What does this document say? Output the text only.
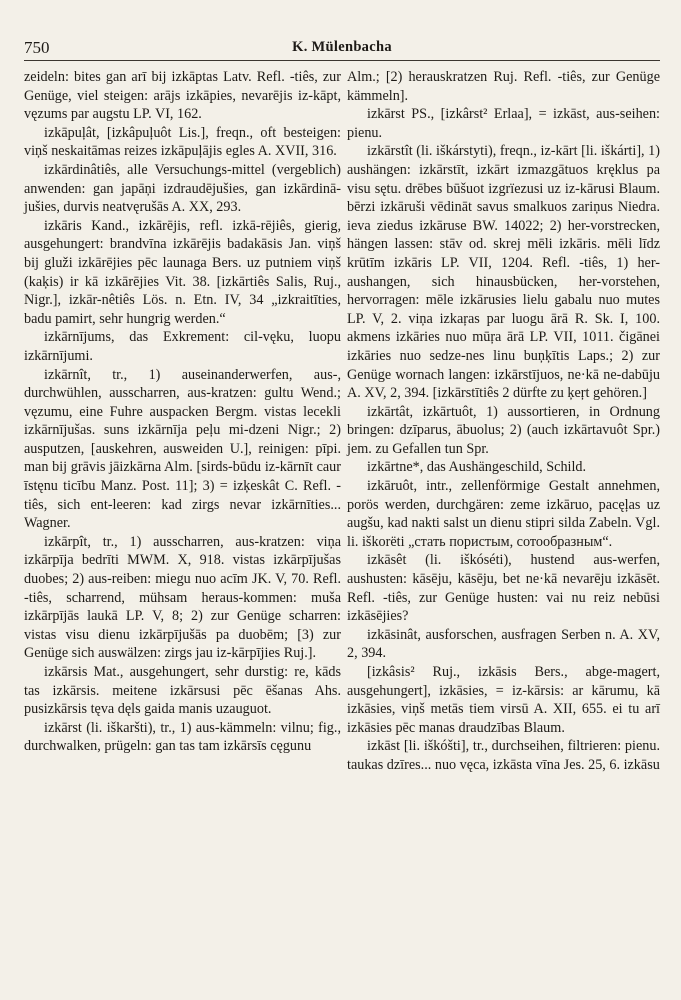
750	K. Mülenbacha

zeideln: bites gan arī bij izkāptas Latv. Refl. -tiês, zur Genüge, viel steigen: arājs izkāpies, nevarējis iz-kāpt, vęzums par augstu LP. VI, 162.

izkāpuļât, [izkâpuļuôt Lis.], freqn., oft besteigen: viņš neskaitāmas reizes izkāpuļājis egles A. XVII, 316.

izkārdinâtiês, alle Versuchungs-mittel (vergeblich) anwenden: gan japāņi izdraudējušies, gan izkārdinā-jušies, durvis neatvęrušās A. XX, 293.

izkāris Kand., izkārējis, refl. izkā-rējiês, gierig, ausgehungert: brandvīna izkārējis badakāsis Jan. viņš bij gluži izkārējies pēc launaga Bers. uz putniem viņš (kaķis) ir kā izkārējies Vit. 38. [izkārtiês Salis, Ruj., Nigr.], izkār-nêtiês Lös. n. Etn. IV, 34 „izkraitīties, badu pamirt, sehr hungrig werden.“

izkārnījums, das Exkrement: cil-vęku, luopu izkārnījumi.

izkārnît, tr., 1) auseinanderwerfen, aus-, durchwühlen, ausscharren, aus-kratzen: gultu Wend.; vęzumu, eine Fuhre auspacken Bergm. vistas lecekli izkārnījušas. suns izkārnīja peļu mi-dzeni Nigr.; 2) ausputzen, [auskehren, ausweiden U.], reinigen: pīpi. man bij grāvis jāizkārna Alm. [sirds-būdu iz-kārnīt caur īstęnu ticību Manz. Post. 11]; 3) = izķeskât C. Refl. -tiês, sich ent-leeren: kad zirgs nevar izkārnīties... Wagner.

izkārpît, tr., 1) ausscharren, aus-kratzen: viņa izkārpīja bedrīti MWM. X, 918. vistas izkārpījušas duobes; 2) aus-reiben: miegu nuo acīm JK. V, 70. Refl. -tiês, scharrend, mühsam heraus-kommen: muša izkārpījās laukā LP. V, 8; 2) zur Genüge scharren: vistas visu dienu izkārpījušās pa duobēm; [3) zur Genüge sich auswälzen: zirgs jau iz-kārpījies Ruj.].

izkārsis Mat., ausgehungert, sehr durstig: re, kāds tas izkārsis. meitene izkārsusi pēc ēšanas Ahs. pusizkārsis tęva dęls gaida manis uzauguot.

izkārst (li. iškaršti), tr., 1) aus-kämmeln: vilnu; fig., durchwalken, prügeln: gan tas tam izkārsīs cęgunu

Alm.; [2) herauskratzen Ruj. Refl. -tiês, zur Genüge kämmeln].

izkārst PS., [izkârst² Erlaa], = izkāst, aus-seihen: pienu.

izkārstît (li. iškárstyti), freqn., iz-kārt [li. iškárti], 1) aushängen: izkārstīt, izkārt izmazgātuos kręklus pa visu sętu. drēbes būšuot izgrïezusi uz iz-kārusi Blaum. bērzi izkāruši vēdināt savus smalkuos zariņus Niedra. ieva ziedus izkāruse BW. 14022; 2) her-vorstrecken, hängen lassen: stāv od. skrej mēli izkāris. mēli līdz krūtīm izkāris LP. VII, 1204. Refl. -tiês, 1) her-aushangen, sich hinausbücken, her-vorstehen, hervorragen: mēle izkārusies lielu gabalu nuo mutes LP. V, 2. viņa izkaŗas par luogu ārā R. Sk. I, 100. akmens izkāries nuo mūŗa ārā LP. VII, 1011. čigānei izkāries nuo sedze-nes linu buņķītis Laps.; 2) zur Genüge wornach langen: izkārstījuos, ne·kā ne-dabūju A. XV, 2, 394. [izkārstītiês 2 dürfte zu ķeŗt gehören.]

izkārtât, izkārtuôt, 1) aussortieren, in Ordnung bringen: dzīparus, ābuolus; 2) (auch izkārtavuôt Spr.) jem. zu Gefallen tun Spr.

izkārtne*, das Aushängeschild, Schild.

izkāruôt, intr., zellenförmige Gestalt annehmen, porös werden, durchgären: zeme izkāruo, pacęļas uz augšu, kad nakti salst un dienu stipri silda Zabeln. Vgl. li. iškorëti „стать пористым, сотообразным“.

izkāsêt (li. iškóséti), hustend aus-werfen, aushusten: kāsēju, kāsēju, bet ne·kā nevarēju izkāsēt. Refl. -tiês, zur Genüge husten: vai nu reiz nebūsi izkāsējies?

izkāsinât, ausforschen, ausfragen Serben n. A. XV, 2, 394.

[izkâsis² Ruj., izkāsis Bers., abge-magert, ausgehungert], izkāsies, = iz-kārsis: ar kārumu, kā izkāsies, viņš metās tiem virsū A. XII, 655. ei tu arī izkāsies pēc manas draudzības Blaum.

izkāst [li. iškóšti], tr., durchseihen, filtrieren: pienu. taukas dzīres... nuo vęca, izkāsta vīna Jes. 25, 6. izkāsu
